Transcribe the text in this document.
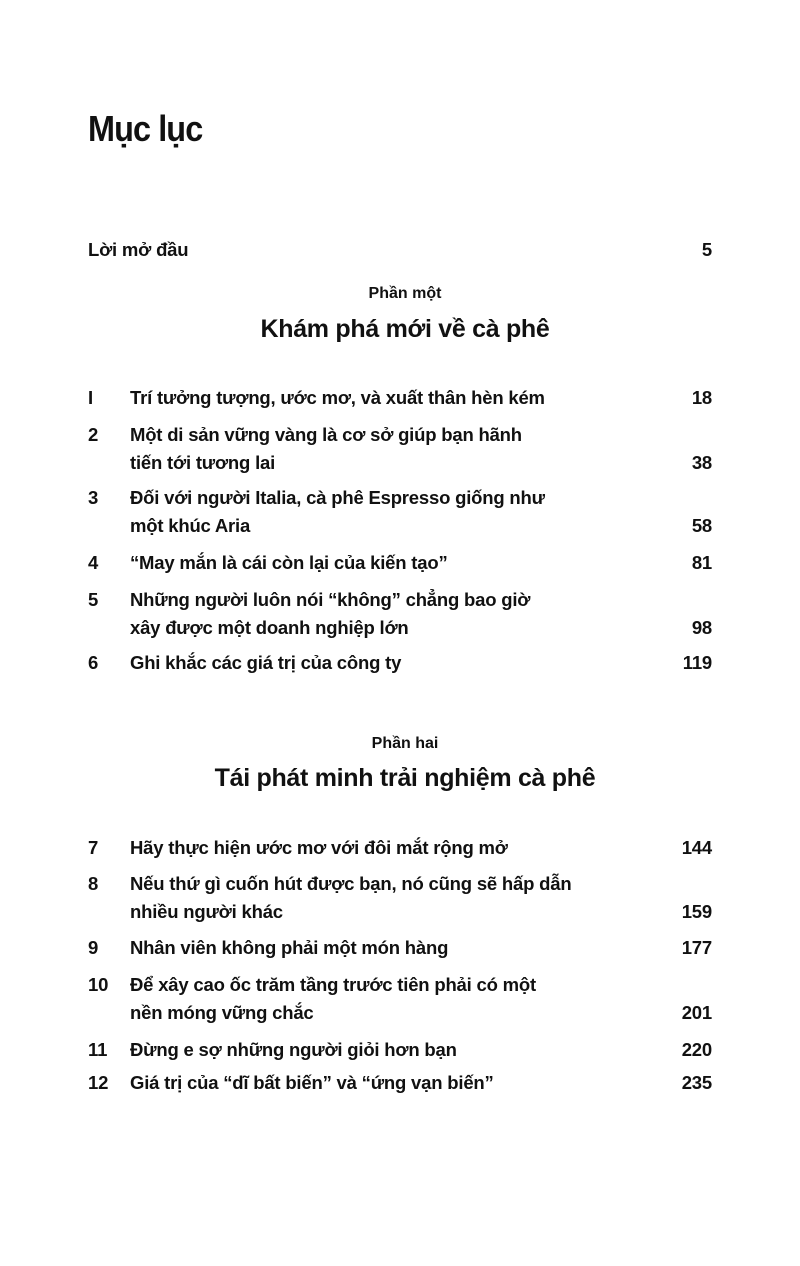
Mục lục
Lời mở đầu	5
Phần một
Khám phá mới về cà phê
Phần hai
Tái phát minh trải nghiệm cà phê
I Trí tưởng tượng, ước mơ, và xuất thân hèn kém	18
2 Một di sản vững vàng là cơ sở giúp bạn hãnh
tiến tới tương lai	38
3 Đối với người Italia, cà phê Espresso giống như
một khúc Aria	58
4 “May mắn là cái còn lại của kiến tạo”	81
5 Những người luôn nói “không” chẳng bao giờ
xây được một doanh nghiệp lớn	98
6 Ghi khắc các giá trị của công ty	119
7 Hãy thực hiện ước mơ với đôi mắt rộng mở	144
8 Nếu thứ gì cuốn hút được bạn, nó cũng sẽ hấp dẫn
nhiều người khác	159
9 Nhân viên không phải một món hàng	177
10 Để xây cao ốc trăm tầng trước tiên phải có một
nền móng vững chắc	201
11 Đừng e sợ những người giỏi hơn bạn	220
12 Giá trị của “dĩ bất biến” và “ứng vạn biến”	235
